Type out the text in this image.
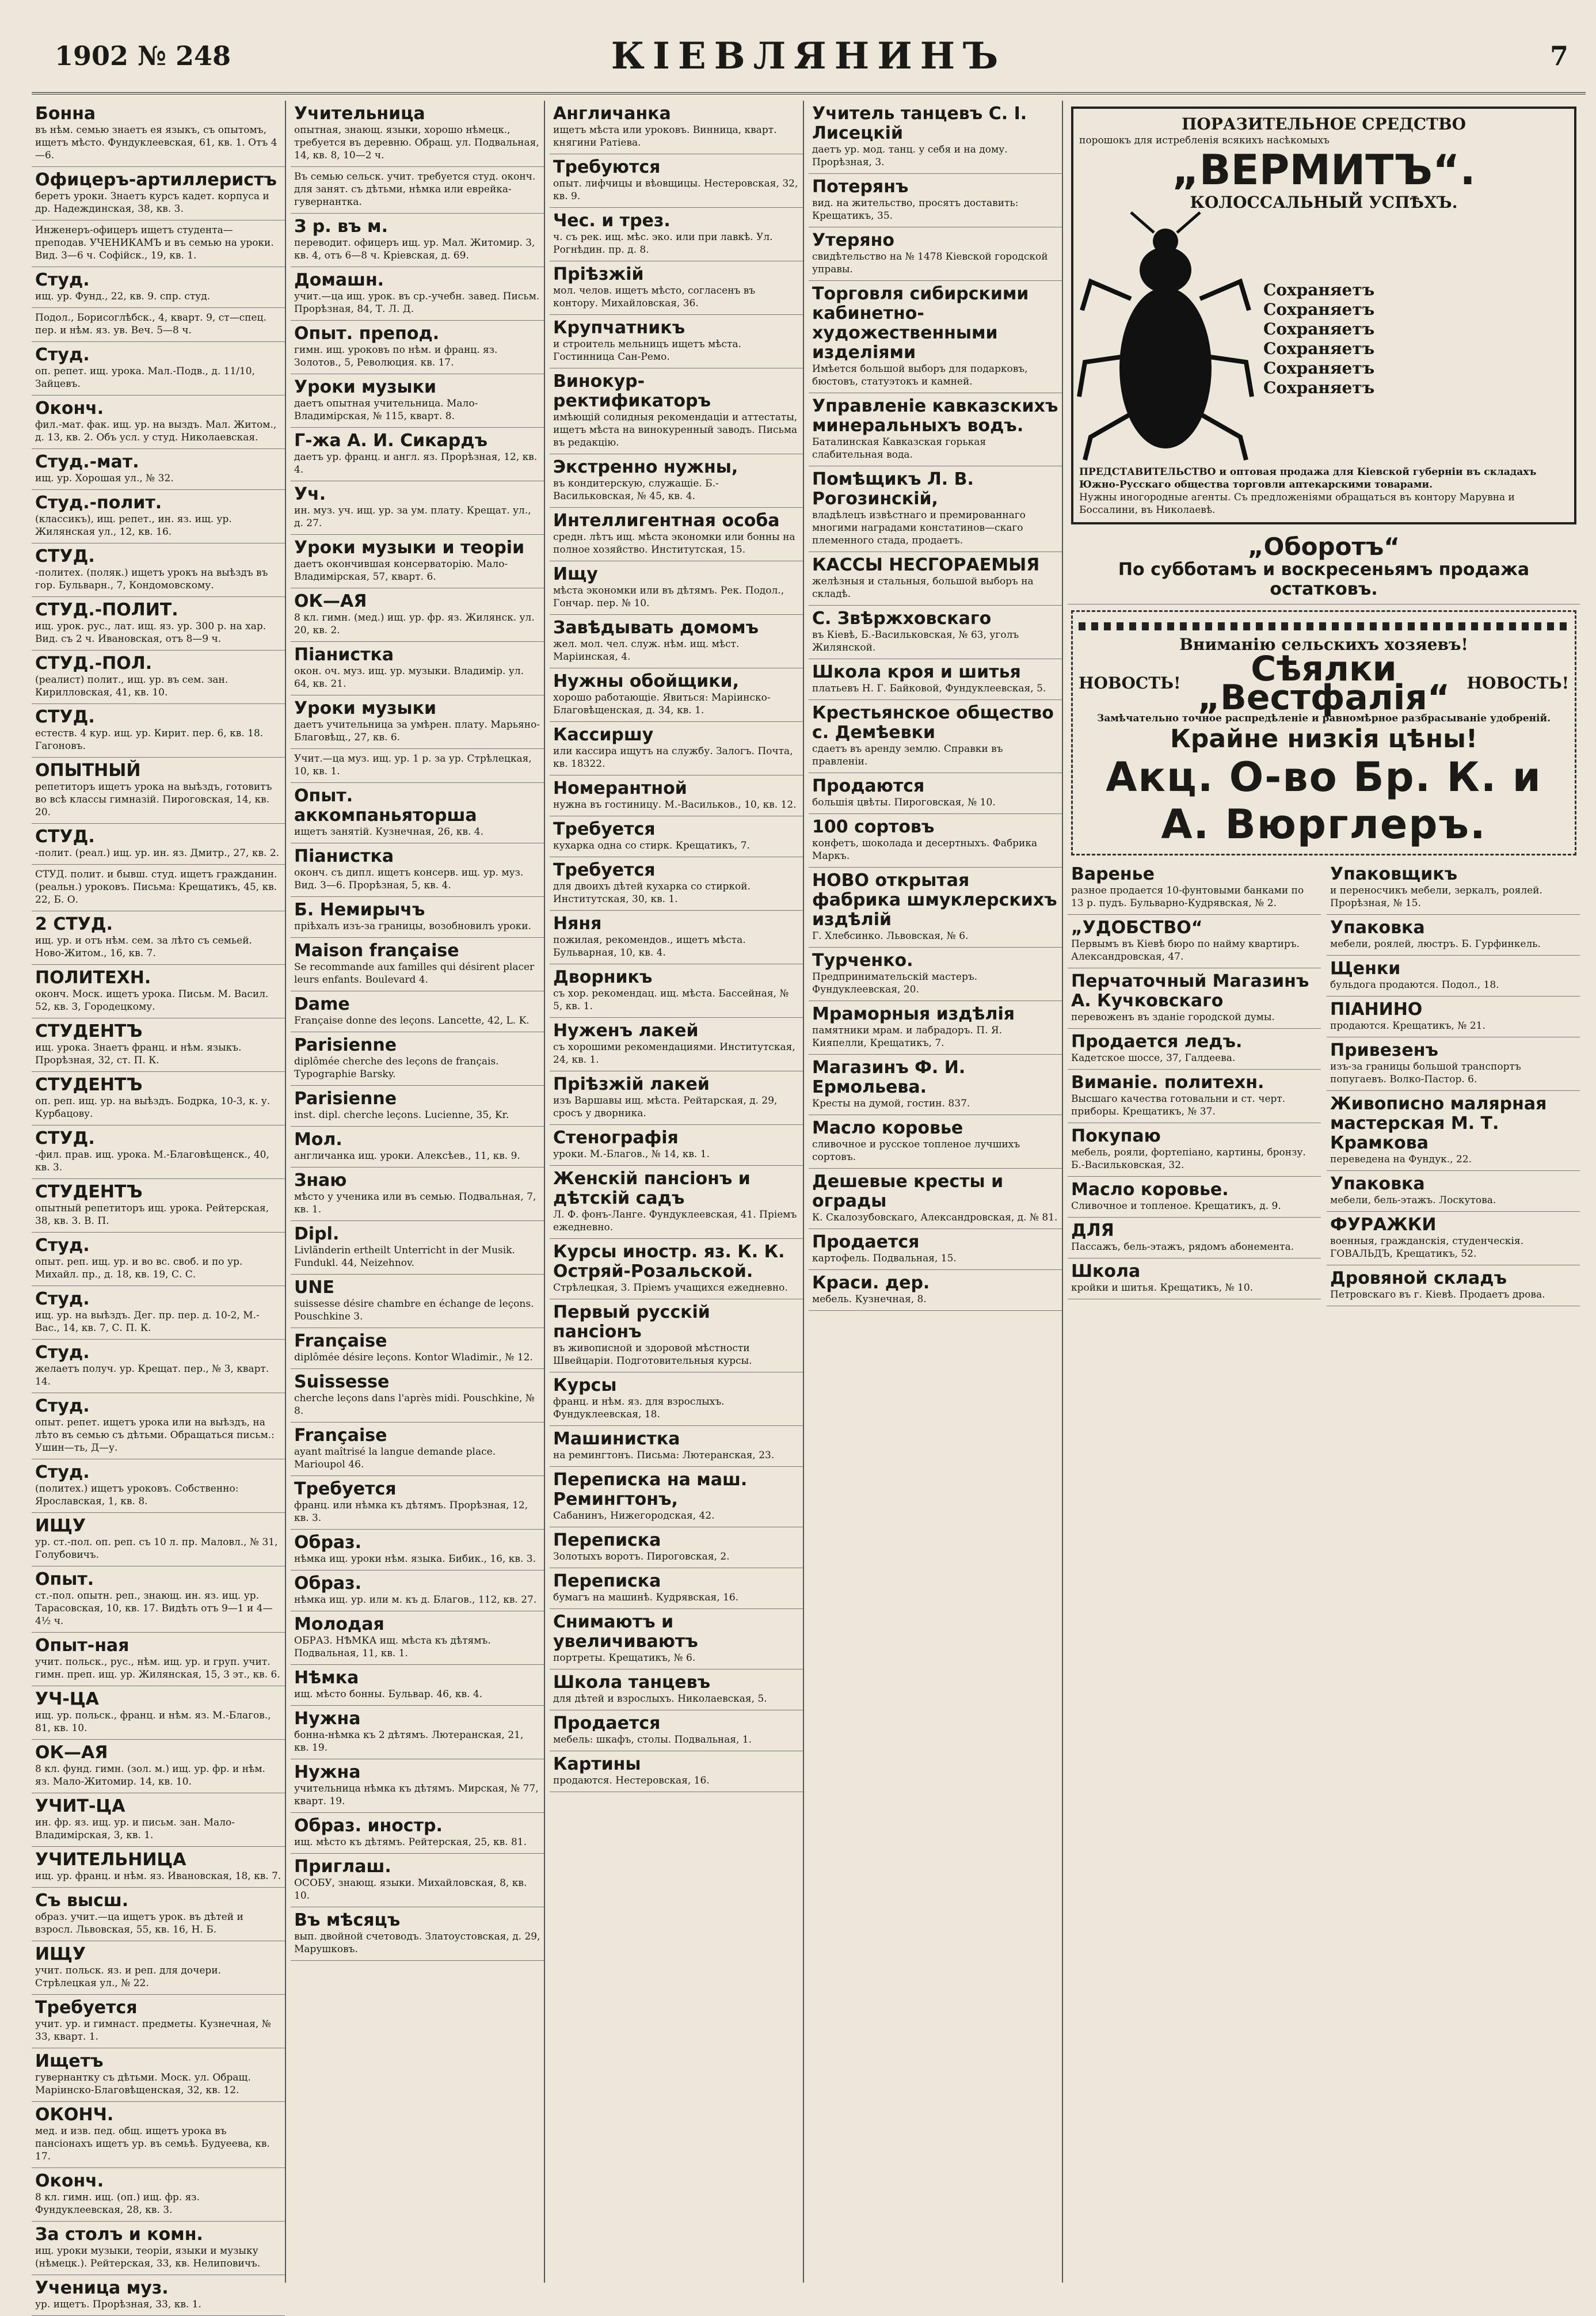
1902 № 248	КІЕВЛЯНИНЪ	7
Бонна
въ нѣм. семью знаетъ ея языкъ, съ опытомъ, ищетъ мѣсто. Фундуклеевская, 61, кв. 1. Отъ 4—6.
Офицеръ-артиллеристъ
беретъ уроки. Знаетъ курсъ кадет. корпуса и др. Надеждинская, 38, кв. 3.
Инженеръ-офицеръ ищетъ студента—преподав. УЧЕНИКАМЪ и въ семью на уроки. Вид. 3—6 ч. Софійск., 19, кв. 1.
Студ.
ищ. ур. Фунд., 22, кв. 9. спр. студ.
Подол., Борисоглѣбск., 4, кварт. 9, ст—спец. пер. и нѣм. яз. ув. Веч. 5—8 ч.
Студ.
оп. репет. ищ. урока. Мал.-Подв., д. 11/10, Зайцевъ.
Оконч.
фил.-мат. фак. ищ. ур. на выздъ. Мал. Житом., д. 13, кв. 2. Объ усл. у студ. Николаевская.
Студ.-мат.
ищ. ур. Хорошая ул., № 32.
Студ.-полит.
(классикъ), ищ. репет., ин. яз. ищ. ур. Жилянская ул., 12, кв. 16.
СТУД.
-политех. (поляк.) ищетъ урокъ на выѣздъ въ гор. Бульварн., 7, Кондомовскому.
СТУД.-ПОЛИТ.
ищ. урок. рус., лат. ищ. яз. ур. 300 р. на хар. Вид. съ 2 ч. Ивановская, отъ 8—9 ч.
СТУД.-ПОЛ.
(реалист) полит., ищ. ур. въ сем. зан. Кирилловская, 41, кв. 10.
СТУД.
естеств. 4 кур. ищ. ур. Кирит. пер. 6, кв. 18. Гагоновъ.
ОПЫТНЫЙ
репетиторъ ищетъ урока на выѣздъ, готовитъ во всѣ классы гимназій. Пироговская, 14, кв. 20.
СТУД.
-полит. (реал.) ищ. ур. ин. яз. Дмитр., 27, кв. 2.
СТУД. полит. и бывш. студ. ищетъ гражданин. (реальн.) уроковъ. Письма: Крещатикъ, 45, кв. 22, Б. О.
2 СТУД.
ищ. ур. и отъ нѣм. сем. за лѣто съ семьей. Ново-Житом., 16, кв. 7.
ПОЛИТЕХН.
оконч. Моск. ищетъ урока. Письм. М. Васил. 52, кв. 3, Городецкому.
СТУДЕНТЪ
ищ. урока. Знаетъ франц. и нѣм. языкъ. Прорѣзная, 32, ст. П. К.
СТУДЕНТЪ
оп. реп. ищ. ур. на выѣздъ. Бодрка, 10-3, к. у. Курбацову.
СТУД.
-фил. прав. ищ. урока. М.-Благовѣщенск., 40, кв. 3.
СТУДЕНТЪ
опытный репетиторъ ищ. урока. Рейтерская, 38, кв. 3. В. П.
Студ.
опыт. реп. ищ. ур. и во вс. своб. и по ур. Михайл. пр., д. 18, кв. 19, С. С.
Студ.
ищ. ур. на выѣздъ. Дег. пр. пер. д. 10-2, М.-Вас., 14, кв. 7, С. П. К.
Студ.
желаетъ получ. ур. Крещат. пер., № 3, кварт. 14.
Студ.
опыт. репет. ищетъ урока или на выѣздъ, на лѣто въ семью съ дѣтьми. Обращаться письм.: Ушин—ть, Д—у.
Студ.
(политех.) ищетъ уроковъ. Собственно: Ярославская, 1, кв. 8.
ИЩУ
ур. ст.-пол. оп. реп. съ 10 л. пр. Маловл., № 31, Голубовичъ.
Опыт.
ст.-пол. опытн. реп., знающ. ин. яз. ищ. ур. Тарасовская, 10, кв. 17. Видѣть отъ 9—1 и 4—4½ ч.
Опыт-ная
учит. польск., рус., нѣм. ищ. ур. и груп. учит. гимн. преп. ищ. ур. Жилянская, 15, 3 эт., кв. 6.
УЧ-ЦА
ищ. ур. польск., франц. и нѣм. яз. М.-Благов., 81, кв. 10.
ОК—АЯ
8 кл. фунд. гимн. (зол. м.) ищ. ур. фр. и нѣм. яз. Мало-Житомир. 14, кв. 10.
УЧИТ-ЦА
ин. фр. яз. ищ. ур. и письм. зан. Мало-Владимірская, 3, кв. 1.
УЧИТЕЛЬНИЦА
ищ. ур. франц. и нѣм. яз. Ивановская, 18, кв. 7.
Съ высш.
образ. учит.—ца ищетъ урок. въ дѣтей и взросл. Львовская, 55, кв. 16, Н. Б.
ИЩУ
учит. польск. яз. и реп. для дочери. Стрѣлецкая ул., № 22.
Требуется
учит. ур. и гимнаст. предметы. Кузнечная, № 33, кварт. 1.
Ищетъ
гувернантку съ дѣтьми. Моск. ул. Обращ. Маріинско-Благовѣщенская, 32, кв. 12.
ОКОНЧ.
мед. и изв. пед. общ. ищетъ урока въ пансіонахъ ищетъ ур. въ семьѣ. Будуеева, кв. 17.
Оконч.
8 кл. гимн. ищ. (оп.) ищ. фр. яз. Фундуклеевская, 28, кв. 3.
За столъ и комн.
ищ. уроки музыки, теоріи, языки и музыку (нѣмецк.). Рейтерская, 33, кв. Нелиповичъ.
Ученица муз.
ур. ищетъ. Прорѣзная, 33, кв. 1.
Учительница
опытная, знающ. языки, хорошо нѣмецк., требуется въ деревню. Обращ. ул. Подвальная, 14, кв. 8, 10—2 ч.
Въ семью сельск. учит. требуется студ. оконч. для занят. съ дѣтьми, нѣмка или еврейка-гувернантка.
З р. въ м.
переводит. офицеръ ищ. ур. Мал. Житомир. 3, кв. 4, отъ 6—8 ч. Кріевская, д. 69.
Домашн.
учит.—ца ищ. урок. въ ср.-учебн. завед. Письм. Прорѣзная, 84, Т. Л. Д.
Опыт. препод.
гимн. ищ. уроковъ по нѣм. и франц. яз. Золотов., 5, Революция. кв. 17.
Уроки музыки
даетъ опытная учительница. Мало-Владимірская, № 115, кварт. 8.
Г-жа А. И. Сикардъ
даетъ ур. франц. и англ. яз. Прорѣзная, 12, кв. 4.
Уч.
ин. муз. уч. ищ. ур. за ум. плату. Крещат. ул., д. 27.
Уроки музыки и теоріи
даетъ окончившая консерваторію. Мало-Владимірская, 57, кварт. 6.
ОК—АЯ
8 кл. гимн. (мед.) ищ. ур. фр. яз. Жилянск. ул. 20, кв. 2.
Піанистка
окон. оч. муз. ищ. ур. музыки. Владимір. ул. 64, кв. 21.
Уроки музыки
даетъ учительница за умѣрен. плату. Марьяно-Благовѣщ., 27, кв. 6.
Учит.—ца муз. ищ. ур. 1 р. за ур. Стрѣлецкая, 10, кв. 1.
Опыт. аккомпаньяторша
ищетъ занятій. Кузнечная, 26, кв. 4.
Піанистка
оконч. съ дипл. ищетъ консерв. ищ. ур. муз. Вид. 3—6. Прорѣзная, 5, кв. 4.
Б. Немирычъ
пріѣхалъ изъ-за границы, возобновилъ уроки.
Maison française
Se recommande aux familles qui désirent placer leurs enfants. Boulevard 4.
Dame
Française donne des leçons. Lancette, 42, L. K.
Parisienne
diplômée cherche des leçons de français. Typographie Barsky.
Parisienne
inst. dipl. cherche leçons. Lucienne, 35, Kr.
Мол.
англичанка ищ. уроки. Алексѣев., 11, кв. 9.
Знаю
мѣсто у ученика или въ семью. Подвальная, 7, кв. 1.
Dipl.
Livländerin ertheilt Unterricht in der Musik. Fundukl. 44, Neizehnov.
UNE
suissesse désire chambre en échange de leçons. Pouschkine 3.
Française
diplômée désire leçons. Kontor Wladimir., № 12.
Suissesse
cherche leçons dans l'après midi. Pouschkine, № 8.
Française
ayant maîtrisé la langue demande place. Marioupol 46.
Требуется
франц. или нѣмка къ дѣтямъ. Прорѣзная, 12, кв. 3.
Образ.
нѣмка ищ. уроки нѣм. языка. Бибик., 16, кв. 3.
Образ.
нѣмка ищ. ур. или м. къ д. Благов., 112, кв. 27.
Молодая
ОБРАЗ. НѢМКА ищ. мѣста къ дѣтямъ. Подвальная, 11, кв. 1.
Нѣмка
ищ. мѣсто бонны. Бульвар. 46, кв. 4.
Нужна
бонна-нѣмка къ 2 дѣтямъ. Лютеранская, 21, кв. 19.
Нужна
учительница нѣмка къ дѣтямъ. Мирская, № 77, кварт. 19.
Образ. иностр.
ищ. мѣсто къ дѣтямъ. Рейтерская, 25, кв. 81.
Приглаш.
ОСОБУ, знающ. языки. Михайловская, 8, кв. 10.
Въ мѣсяцъ
вып. двойной счетоводъ. Златоустовская, д. 29, Марушковъ.
Англичанка
ищетъ мѣста или уроковъ. Винница, кварт. княгини Ратіева.
Требуются
опыт. лифчицы и вѣовщицы. Нестеровская, 32, кв. 9.
Чес. и трез.
ч. съ рек. ищ. мѣс. эко. или при лавкѣ. Ул. Рогнѣдин. пр. д. 8.
Пріѣзжій
мол. челов. ищетъ мѣсто, согласенъ въ контору. Михайловская, 36.
Крупчатникъ
и строитель мельницъ ищетъ мѣста. Гостинница Сан-Ремо.
Винокур-ректификаторъ
имѣющій солидныя рекомендаціи и аттестаты, ищетъ мѣста на винокуренный заводъ. Письма въ редакцію.
Экстренно нужны,
въ кондитерскую, служащіе. Б.-Васильковская, № 45, кв. 4.
Интеллигентная особа
средн. лѣтъ ищ. мѣста экономки или бонны на полное хозяйство. Институтская, 15.
Ищу
мѣста экономки или въ дѣтямъ. Рек. Подол., Гончар. пер. № 10.
Завѣдывать домомъ
жел. мол. чел. служ. нѣм. ищ. мѣст. Маріинская, 4.
Нужны обойщики,
хорошо работающіе. Явиться: Маріинско-Благовѣщенская, д. 34, кв. 1.
Кассиршу
или кассира ищутъ на службу. Залогъ. Почта, кв. 18322.
Номерантной
нужна въ гостиницу. М.-Васильков., 10, кв. 12.
Требуется
кухарка одна со стирк. Крещатикъ, 7.
Требуется
для двоихъ дѣтей кухарка со стиркой. Институтская, 30, кв. 1.
Няня
пожилая, рекомендов., ищетъ мѣста. Бульварная, 10, кв. 4.
Дворникъ
съ хор. рекомендац. ищ. мѣста. Бассейная, № 5, кв. 1.
Нуженъ лакей
съ хорошими рекомендациями. Институтская, 24, кв. 1.
Пріѣзжій лакей
изъ Варшавы ищ. мѣста. Рейтарская, д. 29, сросъ у дворника.
Стенографія
уроки. М.-Благов., № 14, кв. 1.
Женскій пансіонъ и дѣтскій садъ
Л. Ф. фонъ-Ланге. Фундуклеевская, 41. Пріемъ ежедневно.
Курсы иностр. яз. К. К. Остряй-Розальской.
Стрѣлецкая, 3. Пріемъ учащихся ежедневно.
Первый русскій пансіонъ
въ живописной и здоровой мѣстности Швейцаріи. Подготовительныя курсы.
Курсы
франц. и нѣм. яз. для взрослыхъ. Фундуклеевская, 18.
Машинистка
на ремингтонъ. Письма: Лютеранская, 23.
Переписка на маш. Ремингтонъ,
Сабанинъ, Нижегородская, 42.
Переписка
Золотыхъ воротъ. Пироговская, 2.
Переписка
бумагъ на машинѣ. Кудрявская, 16.
Снимаютъ и увеличиваютъ
портреты. Крещатикъ, № 6.
Школа танцевъ
для дѣтей и взрослыхъ. Николаевская, 5.
Продается
мебель: шкафъ, столы. Подвальная, 1.
Картины
продаются. Нестеровская, 16.
Учитель танцевъ С. І. Лисецкій
даетъ ур. мод. танц. у себя и на дому. Прорѣзная, 3.
Потерянъ
вид. на жительство, просятъ доставить: Крещатикъ, 35.
Утеряно
свидѣтельство на № 1478 Кіевской городской управы.
Торговля сибирскими кабинетно-художественными изделіями
Имѣется большой выборъ для подарковъ, бюстовъ, статуэтокъ и камней.
Управленіе кавказскихъ минеральныхъ водъ.
Баталинская Кавказская горькая слабительная вода.
Помѣщикъ Л. В. Рогозинскій,
владѣлецъ извѣстнаго и премированнаго многими наградами констатинов—скаго племенного стада, продаетъ.
КАССЫ НЕСГОРАЕМЫЯ
желѣзныя и стальныя, большой выборъ на складѣ.
С. Звѣржховскаго
въ Кіевѣ, Б.-Васильковская, № 63, уголъ Жилянской.
Школа кроя и шитья
платьевъ Н. Г. Байковой, Фундуклеевская, 5.
Крестьянское общество с. Демѣевки
сдаетъ въ аренду землю. Справки въ правленіи.
Продаются
большія цвѣты. Пироговская, № 10.
100 сортовъ
конфетъ, шоколада и десертныхъ. Фабрика Маркъ.
НОВО открытая фабрика шмуклерскихъ издѣлій
Г. Хлебсинко. Львовская, № 6.
Турченко.
Предпринимательскій мастеръ. Фундуклеевская, 20.
Мраморныя издѣлія
памятники мрам. и лабрадоръ. П. Я. Кияпелли, Крещатикъ, 7.
Магазинъ Ф. И. Ермольева.
Кресты на думой, гостин. 837.
Масло коровье
сливочное и русское топленое лучшихъ сортовъ.
Дешевые кресты и ограды
К. Скалозубовскаго, Александровская, д. № 81.
Продается
картофель. Подвальная, 15.
Краси. дер.
мебель. Кузнечная, 8.
ПОРАЗИТЕЛЬНОЕ СРЕДСТВО
порошокъ для истребленія всякихъ насѣкомыхъ
„ВЕРМИТЪ“.
КОЛОССАЛЬНЫЙ УСПѢХЪ.
Сохраняетъ
Сохраняетъ
Сохраняетъ
Сохраняетъ
Сохраняетъ
Сохраняетъ
ПРЕДСТАВИТЕЛЬСТВО и оптовая продажа для Кіевской губерніи въ складахъ Южно-Русскаго общества торговли аптекарскими товарами.
Нужны иногородные агенты. Съ предложеніями обращаться въ контору Марувна и Боссалини, въ Николаевѣ.
„Оборотъ“
По субботамъ и воскресеньямъ продажа остатковъ.
Вниманію сельскихъ хозяевъ!
НОВОСТЬ!	Сѣялки „Вестфалія“	НОВОСТЬ!
Замѣчательно точное распредѣленіе и равномѣрное разбрасываніе удобреній.
Крайне низкія цѣны!
Акц. О-во Бр. К. и А. Вюрглеръ.
Варенье
разное продается 10-фунтовыми банками по 13 р. пудъ. Бульварно-Кудрявская, № 2.
„УДОБСТВО“
Первымъ въ Кіевѣ бюро по найму квартиръ. Александровская, 47.
Перчаточный Магазинъ А. Кучковскаго
перевоженъ въ зданіе городской думы.
Продается ледъ.
Кадетское шоссе, 37, Галдеева.
Виманіе. политехн.
Высшаго качества готовальни и ст. черт. приборы. Крещатикъ, № 37.
Покупаю
мебель, рояли, фортепіано, картины, бронзу. Б.-Васильковская, 32.
Масло коровье.
Сливочное и топленое. Крещатикъ, д. 9.
ДЛЯ
Пассажъ, бель-этажъ, рядомъ абонемента.
Школа
кройки и шитья. Крещатикъ, № 10.
Упаковщикъ
и переносчикъ мебели, зеркалъ, роялей. Прорѣзная, № 15.
Упаковка
мебели, роялей, люстръ. Б. Гурфинкель.
Щенки
бульдога продаются. Подол., 18.
ПІАНИНО
продаются. Крещатикъ, № 21.
Привезенъ
изъ-за границы большой транспортъ попугаевъ. Волко-Пастор. 6.
Живописно малярная мастерская М. Т. Крамкова
переведена на Фундук., 22.
Упаковка
мебели, бель-этажъ. Лоскутова.
ФУРАЖКИ
военныя, гражданскія, студенческія. ГОВАЛЬДЪ, Крещатикъ, 52.
Дровяной складъ
Петровскаго въ г. Кіевѣ. Продаетъ дрова.
